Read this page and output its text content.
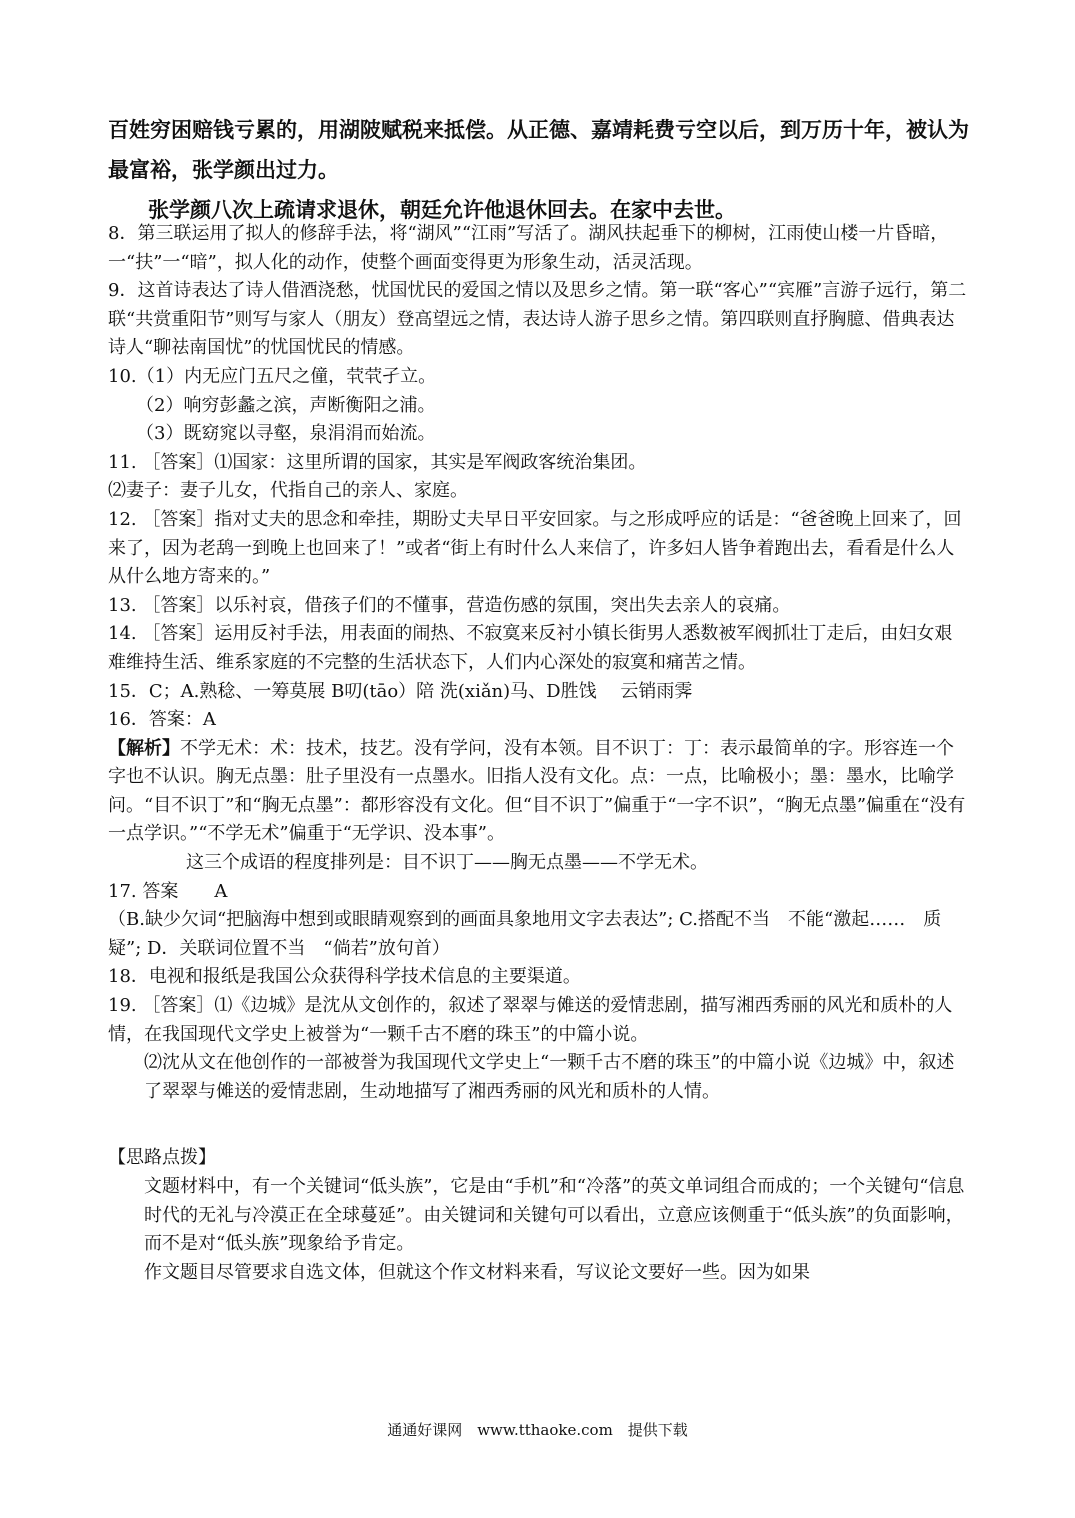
百姓穷困赔钱亏累的，用湖陂赋税来抵偿。从正德、嘉靖耗费亏空以后，到万历十年，被认为最富裕，张学颜出过力。

张学颜八次上疏请求退休，朝廷允许他退休回去。在家中去世。

8．第三联运用了拟人的修辞手法，将“湖风”“江雨”写活了。湖风扶起垂下的柳树，江雨使山楼一片昏暗，一“扶”一“暗”，拟人化的动作，使整个画面变得更为形象生动，活灵活现。

9．这首诗表达了诗人借酒浇愁，忧国忧民的爱国之情以及思乡之情。第一联“客心”“宾雁”言游子远行，第二联“共赏重阳节”则写与家人（朋友）登高望远之情，表达诗人游子思乡之情。第四联则直抒胸臆、借典表达诗人“聊祛南国忧”的忧国忧民的情感。

10.（1）内无应门五尺之僮，茕茕孑立。

（2）响穷彭蠡之滨，声断衡阳之浦。

（3）既窈窕以寻壑，泉涓涓而始流。

11. ［答案］⑴国家：这里所谓的国家，其实是军阀政客统治集团。

⑵妻子：妻子儿女，代指自己的亲人、家庭。

12. ［答案］指对丈夫的思念和牵挂，期盼丈夫早日平安回家。与之形成呼应的话是：“爸爸晚上回来了，回来了，因为老鸹一到晚上也回来了！”或者“街上有时什么人来信了，许多妇人皆争着跑出去，看看是什么人从什么地方寄来的。”

13. ［答案］以乐衬哀，借孩子们的不懂事，营造伤感的氛围，突出失去亲人的哀痛。

14. ［答案］运用反衬手法，用表面的闹热、不寂寞来反衬小镇长街男人悉数被军阀抓壮丁走后，由妇女艰难维持生活、维系家庭的不完整的生活状态下，人们内心深处的寂寞和痛苦之情。

15．C；A.熟稔、一筹莫展 B叨(tāo）陪 洗(xiǎn)马、D胜饯　 云销雨霁

16．答案：A

【解析】不学无术：术：技术，技艺。没有学问，没有本领。目不识丁：丁：表示最简单的字。形容连一个字也不认识。胸无点墨：肚子里没有一点墨水。旧指人没有文化。点：一点，比喻极小；墨：墨水，比喻学问。“目不识丁”和“胸无点墨”：都形容没有文化。但“目不识丁”偏重于“一字不识”，“胸无点墨”偏重在“没有一点学识。”“不学无术”偏重于“无学识、没本事”。

这三个成语的程度排列是：目不识丁——胸无点墨——不学无术。

17. 答案　　A

（B.缺少欠词“把脑海中想到或眼睛观察到的画面具象地用文字去表达”; C.搭配不当　不能“激起……　质疑”; D．关联词位置不当　“倘若”放句首）

18．电视和报纸是我国公众获得科学技术信息的主要渠道。

19. ［答案］⑴《边城》是沈从文创作的，叙述了翠翠与傩送的爱情悲剧，描写湘西秀丽的风光和质朴的人情，在我国现代文学史上被誉为“一颗千古不磨的珠玉”的中篇小说。

⑵沈从文在他创作的一部被誉为我国现代文学史上“一颗千古不磨的珠玉”的中篇小说《边城》中，叙述了翠翠与傩送的爱情悲剧，生动地描写了湘西秀丽的风光和质朴的人情。

【思路点拨】

文题材料中，有一个关键词“低头族”，它是由“手机”和“冷落”的英文单词组合而成的；一个关键句“信息时代的无礼与冷漠正在全球蔓延”。由关键词和关键句可以看出，立意应该侧重于“低头族”的负面影响，而不是对“低头族”现象给予肯定。

作文题目尽管要求自选文体，但就这个作文材料来看，写议论文要好一些。因为如果

通通好课网　www.tthaoke.com　提供下载
